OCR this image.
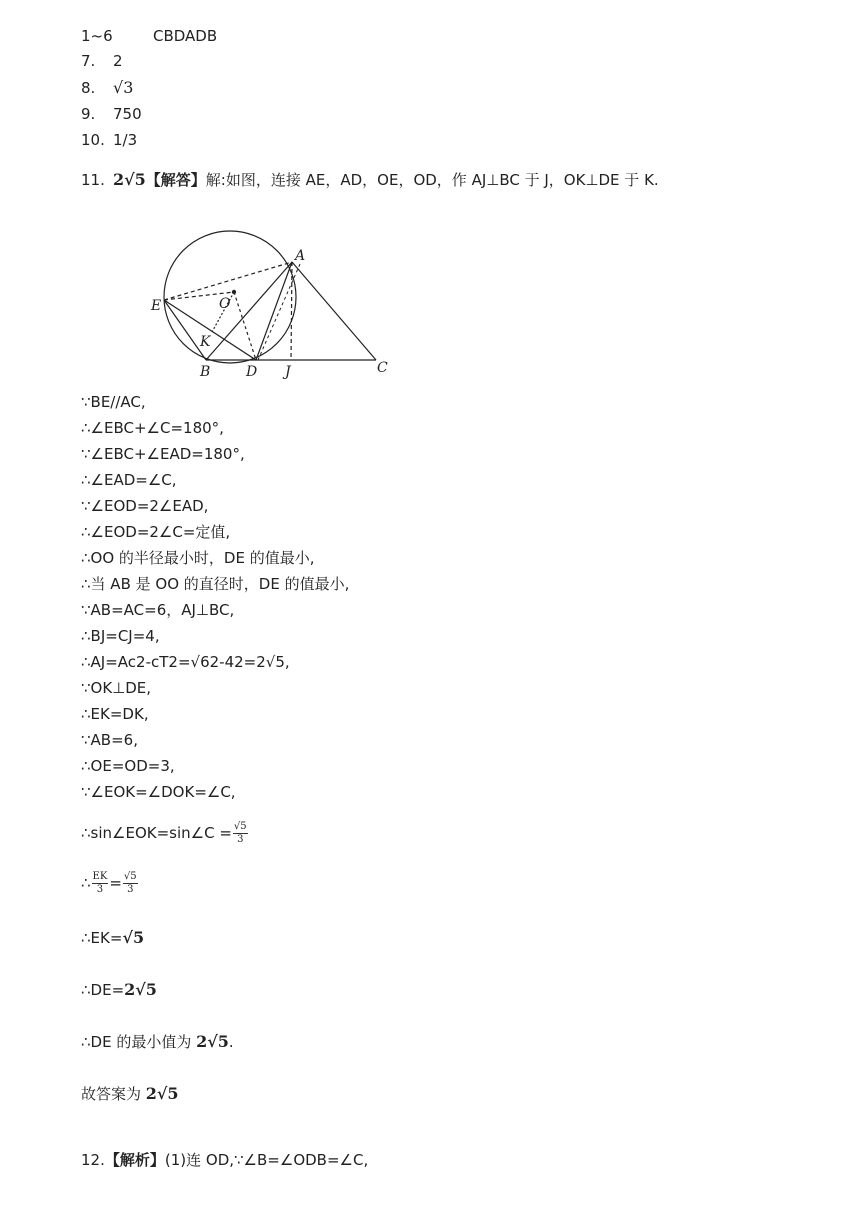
1~6	CBDADB
7. 2
8. √3
9. 750
10. 1/3
11. 2√5【解答】解:如图，连接 AE，AD，OE，OD，作 AJ⊥BC 于 J，OK⊥DE 于 K.
A
B	C
D
E
J
K
O
∵BE//AC,
∴∠EBC+∠C=180°,
∵∠EBC+∠EAD=180°,
∴∠EAD=∠C,
∵∠EOD=2∠EAD,
∴∠EOD=2∠C=定值,
∴OO 的半径最小时，DE 的值最小,
∴当 AB 是 OO 的直径时，DE 的值最小,
∵AB=AC=6，AJ⊥BC,
∴BJ=CJ=4,
∴AJ=Ac2-cT2=√62-42=2√5,
∵OK⊥DE,
∴EK=DK,
∵AB=6,
∴OE=OD=3,
∵∠EOK=∠DOK=∠C,
∴sin∠EOK=sin∠C = $\frac{√5}{3}$
∴ $\frac{EK}{3} = \frac{√5}{3}$
∴EK=√5
∴DE=2√5
∴DE 的最小值为 2√5.
故答案为 2√5
12.【解析】(1)连 OD,∵∠B=∠ODB=∠C,
